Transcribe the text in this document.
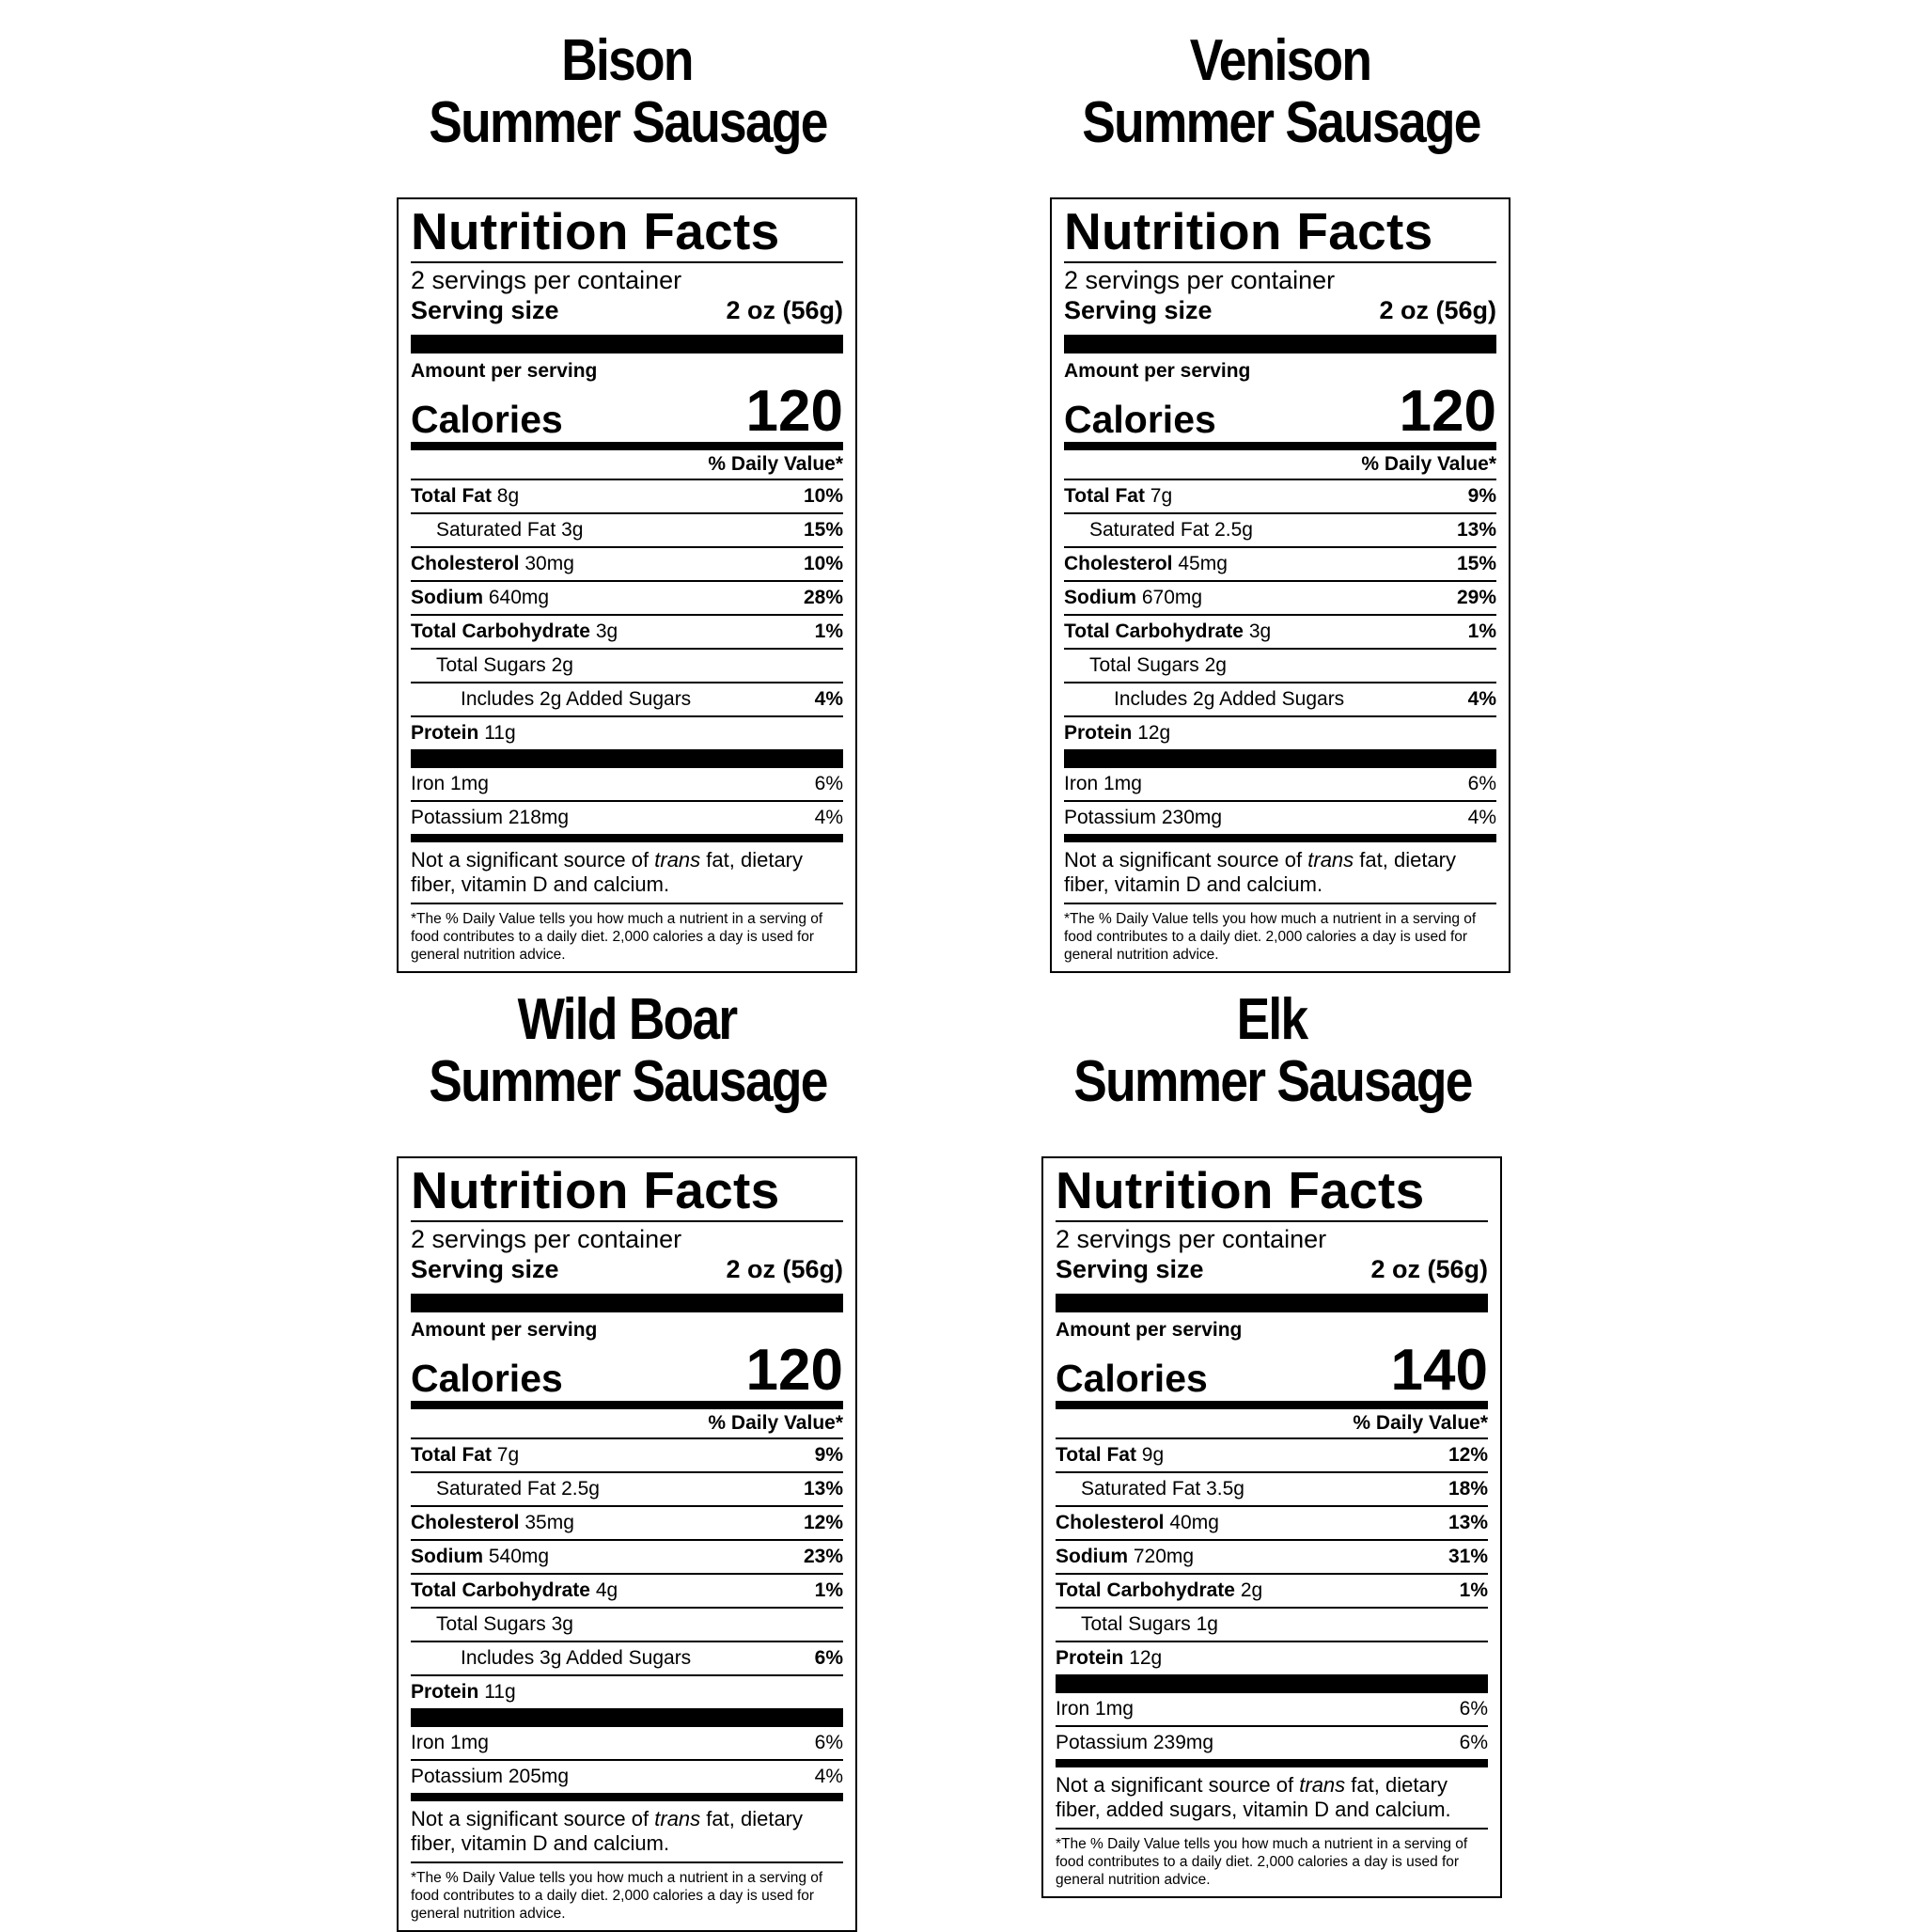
Bison
Summer Sausage
Nutrition Facts
2 servings per container
Serving size	2 oz (56g)
Amount per serving
Calories	120
% Daily Value*
Total Fat 8g	10%
Saturated Fat 3g	15%
Cholesterol 30mg	10%
Sodium 640mg	28%
Total Carbohydrate 3g	1%
Total Sugars 2g
Includes 2g Added Sugars	4%
Protein 11g
Iron 1mg	6%
Potassium 218mg	4%
Not a significant source of trans fat, dietary fiber, vitamin D and calcium.
*The % Daily Value tells you how much a nutrient in a serving of food contributes to a daily diet. 2,000 calories a day is used for general nutrition advice.
Venison
Summer Sausage
Nutrition Facts
2 servings per container
Serving size	2 oz (56g)
Amount per serving
Calories	120
% Daily Value*
Total Fat 7g	9%
Saturated Fat 2.5g	13%
Cholesterol 45mg	15%
Sodium 670mg	29%
Total Carbohydrate 3g	1%
Total Sugars 2g
Includes 2g Added Sugars	4%
Protein 12g
Iron 1mg	6%
Potassium 230mg	4%
Not a significant source of trans fat, dietary fiber, vitamin D and calcium.
*The % Daily Value tells you how much a nutrient in a serving of food contributes to a daily diet. 2,000 calories a day is used for general nutrition advice.
Wild Boar
Summer Sausage
Nutrition Facts
2 servings per container
Serving size	2 oz (56g)
Amount per serving
Calories	120
% Daily Value*
Total Fat 7g	9%
Saturated Fat 2.5g	13%
Cholesterol 35mg	12%
Sodium 540mg	23%
Total Carbohydrate 4g	1%
Total Sugars 3g
Includes 3g Added Sugars	6%
Protein 11g
Iron 1mg	6%
Potassium 205mg	4%
Not a significant source of trans fat, dietary fiber, vitamin D and calcium.
*The % Daily Value tells you how much a nutrient in a serving of food contributes to a daily diet. 2,000 calories a day is used for general nutrition advice.
Elk
Summer Sausage
Nutrition Facts
2 servings per container
Serving size	2 oz (56g)
Amount per serving
Calories	140
% Daily Value*
Total Fat 9g	12%
Saturated Fat 3.5g	18%
Cholesterol 40mg	13%
Sodium 720mg	31%
Total Carbohydrate 2g	1%
Total Sugars 1g
Protein 12g
Iron 1mg	6%
Potassium 239mg	6%
Not a significant source of trans fat, dietary fiber, added sugars, vitamin D and calcium.
*The % Daily Value tells you how much a nutrient in a serving of food contributes to a daily diet. 2,000 calories a day is used for general nutrition advice.
